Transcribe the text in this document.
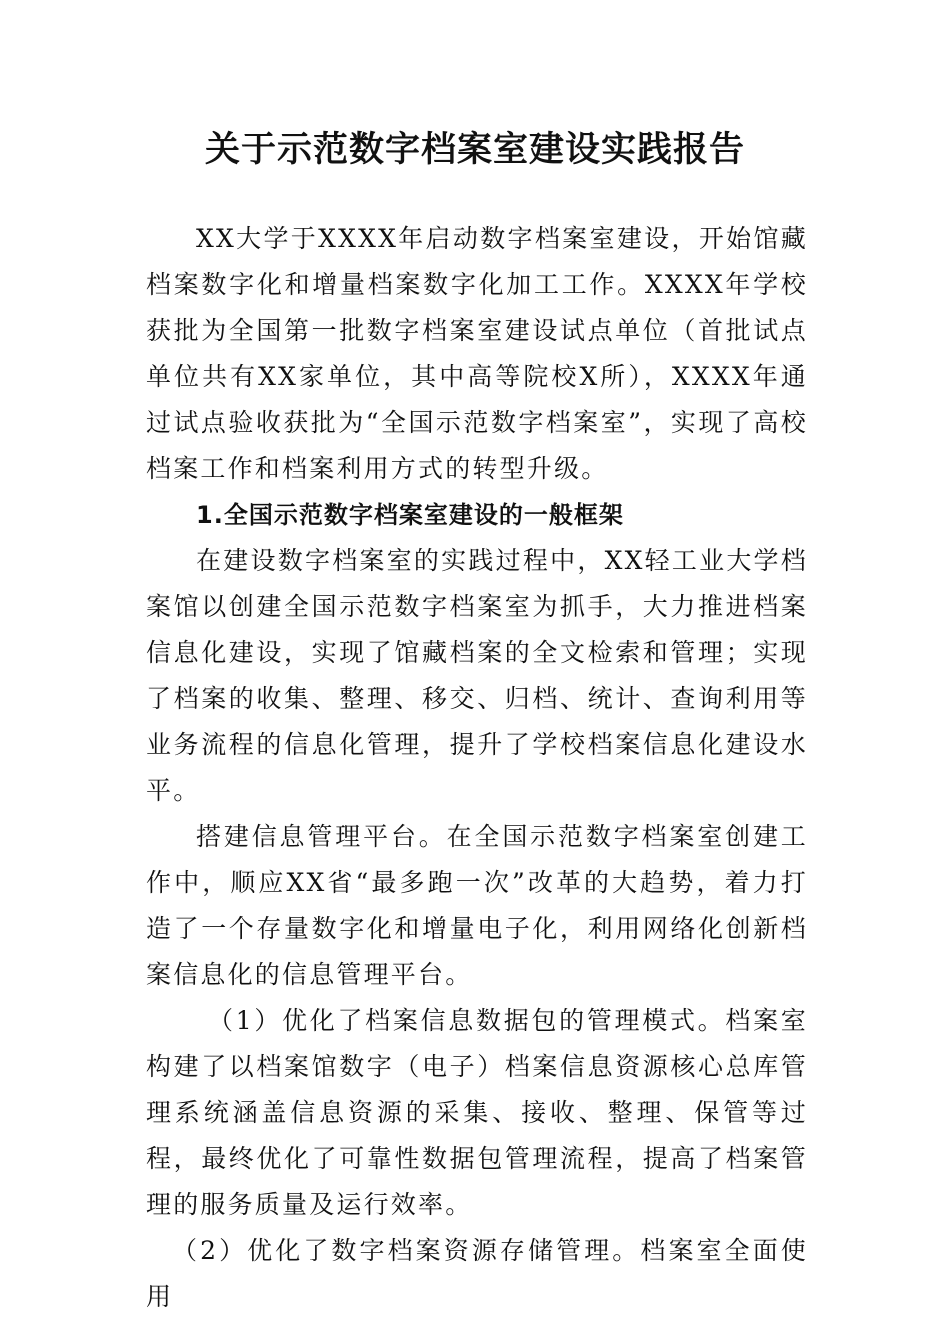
关于示范数字档案室建设实践报告

XX大学于XXXX年启动数字档案室建设，开始馆藏档案数字化和增量档案数字化加工工作。XXXX年学校获批为全国第一批数字档案室建设试点单位（首批试点单位共有XX家单位，其中高等院校X所），XXXX年通过试点验收获批为“全国示范数字档案室”，实现了高校档案工作和档案利用方式的转型升级。

1.全国示范数字档案室建设的一般框架

在建设数字档案室的实践过程中，XX轻工业大学档案馆以创建全国示范数字档案室为抓手，大力推进档案信息化建设，实现了馆藏档案的全文检索和管理；实现了档案的收集、整理、移交、归档、统计、查询利用等业务流程的信息化管理，提升了学校档案信息化建设水平。

搭建信息管理平台。在全国示范数字档案室创建工作中，顺应XX省“最多跑一次”改革的大趋势，着力打造了一个存量数字化和增量电子化，利用网络化创新档案信息化的信息管理平台。

（1）优化了档案信息数据包的管理模式。档案室构建了以档案馆数字（电子）档案信息资源核心总库管理系统涵盖信息资源的采集、接收、整理、保管等过程，最终优化了可靠性数据包管理流程，提高了档案管理的服务质量及运行效率。

（2）优化了数字档案资源存储管理。档案室全面使用
